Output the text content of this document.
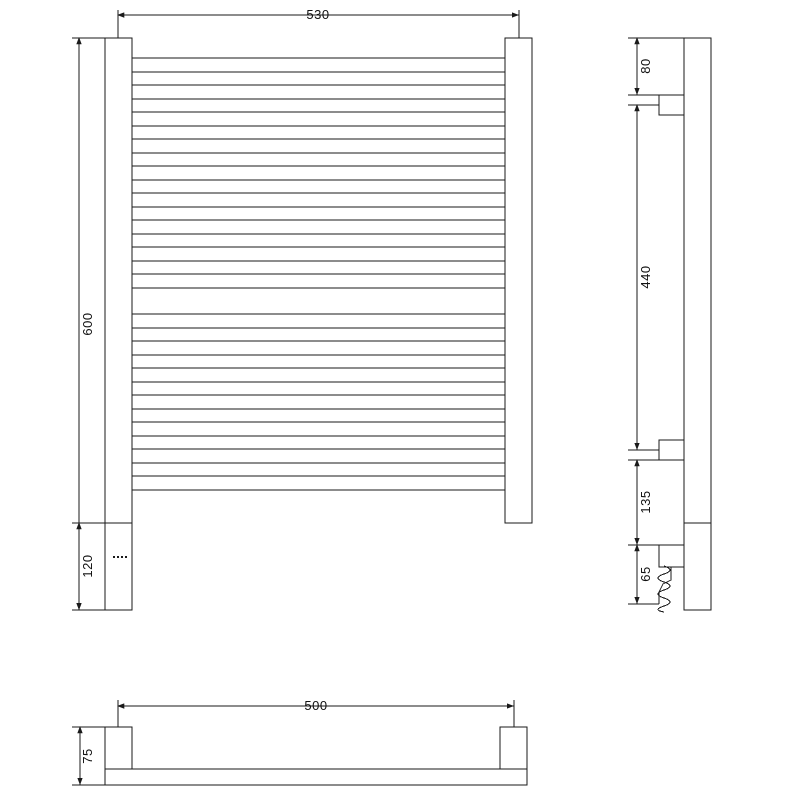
530
600
120
80
440
135
65
500
75
